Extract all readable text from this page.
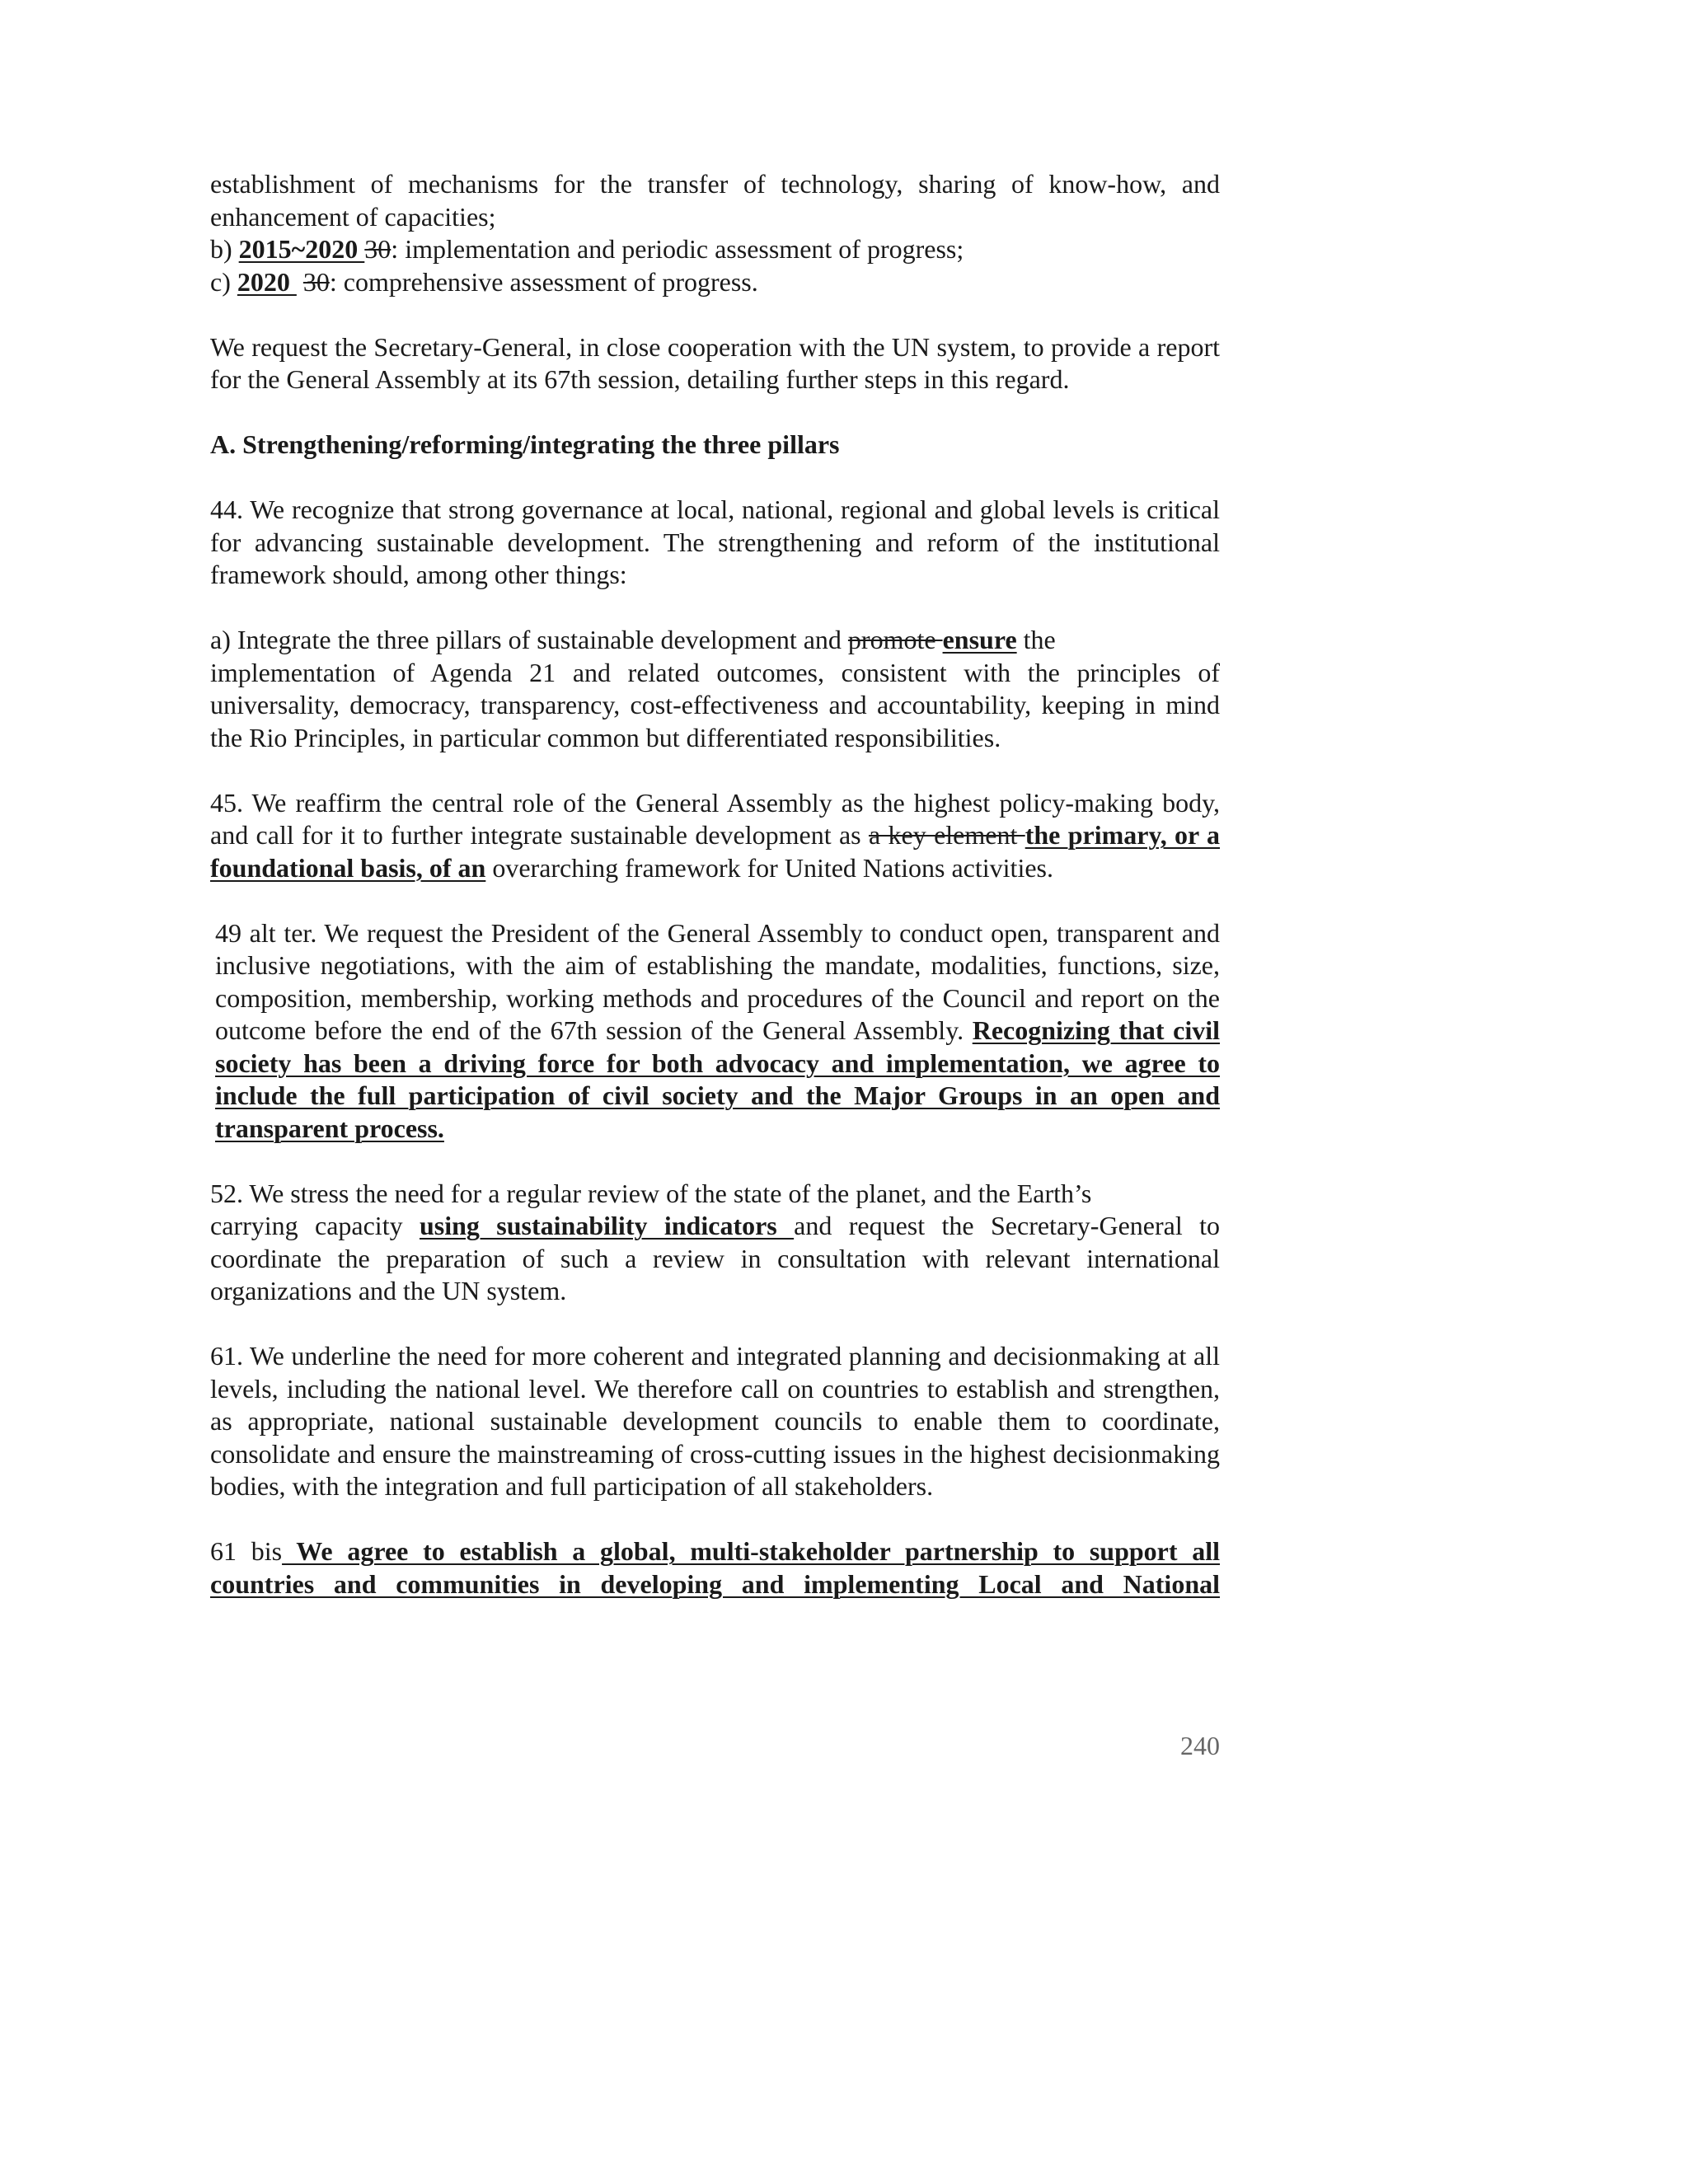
establishment of mechanisms for the transfer of technology, sharing of know-how, and

enhancement of capacities;

b) 2015~2020 30: implementation and periodic assessment of progress;

c) 2020  30: comprehensive assessment of progress.

We request the Secretary-General, in close cooperation with the UN system, to provide a report for the General Assembly at its 67th session, detailing further steps in this regard.

A. Strengthening/reforming/integrating the three pillars

44. We recognize that strong governance at local, national, regional and global levels is critical for advancing sustainable development. The strengthening and reform of the institutional framework should, among other things:

a) Integrate the three pillars of sustainable development and promote ensure the

implementation of Agenda 21 and related outcomes, consistent with the principles of universality, democracy, transparency, cost-effectiveness and accountability, keeping in mind the Rio Principles, in particular common but differentiated responsibilities.

45. We reaffirm the central role of the General Assembly as the highest policy-making body, and call for it to further integrate sustainable development as a key element the primary, or a foundational basis, of an overarching framework for United Nations activities.

49 alt ter. We request the President of the General Assembly to conduct open, transparent and inclusive negotiations, with the aim of establishing the mandate, modalities, functions, size, composition, membership, working methods and procedures of the Council and report on the outcome before the end of the 67th session of the General Assembly. Recognizing that civil society has been a driving force for both advocacy and implementation, we agree to include the full participation of civil society and the Major Groups in an open and transparent process.

52. We stress the need for a regular review of the state of the planet, and the Earth’s

carrying capacity using sustainability indicators and request the Secretary-General to coordinate the preparation of such a review in consultation with relevant international organizations and the UN system.

61. We underline the need for more coherent and integrated planning and decisionmaking at all levels, including the national level. We therefore call on countries to establish and strengthen, as appropriate, national sustainable development councils to enable them to coordinate, consolidate and ensure the mainstreaming of cross-cutting issues in the highest decisionmaking bodies, with the integration and full participation of all stakeholders.

61 bis We agree to establish a global, multi-stakeholder partnership to support all

countries and communities in developing and implementing Local and National

240
